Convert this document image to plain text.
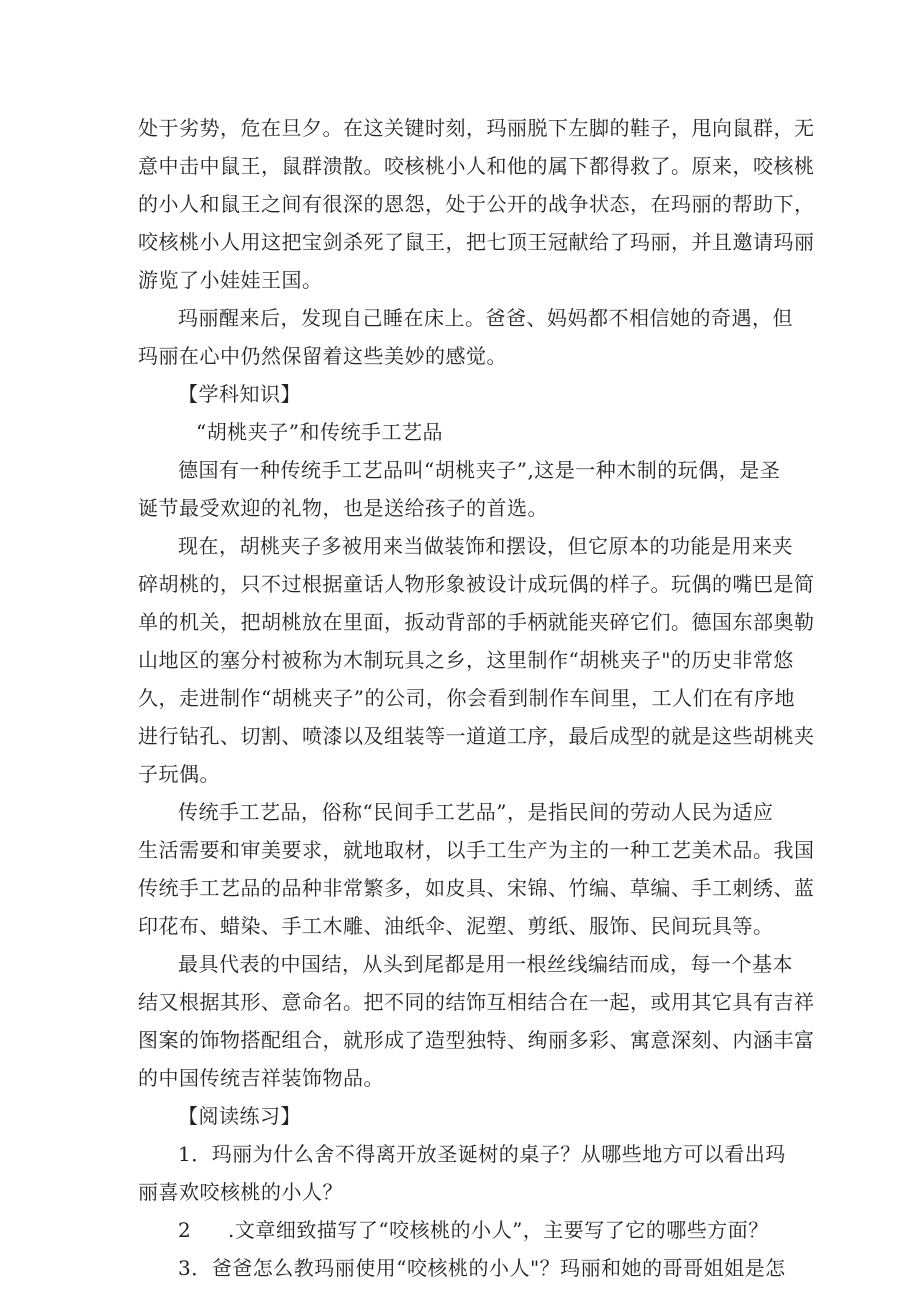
处于劣势，危在旦夕。在这关键时刻，玛丽脱下左脚的鞋子，甩向鼠群，无
意中击中鼠王，鼠群溃散。咬核桃小人和他的属下都得救了。原来，咬核桃
的小人和鼠王之间有很深的恩怨，处于公开的战争状态，在玛丽的帮助下，
咬核桃小人用这把宝剑杀死了鼠王，把七顶王冠献给了玛丽，并且邀请玛丽
游览了小娃娃王国。
玛丽醒来后，发现自己睡在床上。爸爸、妈妈都不相信她的奇遇，但
玛丽在心中仍然保留着这些美妙的感觉。
【学科知识】
“胡桃夹子”和传统手工艺品
德国有一种传统手工艺品叫“胡桃夹子”,这是一种木制的玩偶，是圣
诞节最受欢迎的礼物，也是送给孩子的首选。
现在，胡桃夹子多被用来当做装饰和摆设，但它原本的功能是用来夹
碎胡桃的，只不过根据童话人物形象被设计成玩偶的样子。玩偶的嘴巴是简
单的机关，把胡桃放在里面，扳动背部的手柄就能夹碎它们。德国东部奥勒
山地区的塞分村被称为木制玩具之乡，这里制作“胡桃夹子"的历史非常悠
久，走进制作“胡桃夹子”的公司，你会看到制作车间里，工人们在有序地
进行钻孔、切割、喷漆以及组装等一道道工序，最后成型的就是这些胡桃夹
子玩偶。
传统手工艺品，俗称“民间手工艺品”，是指民间的劳动人民为适应
生活需要和审美要求，就地取材，以手工生产为主的一种工艺美术品。我国
传统手工艺品的品种非常繁多，如皮具、宋锦、竹编、草编、手工刺绣、蓝
印花布、蜡染、手工木雕、油纸伞、泥塑、剪纸、服饰、民间玩具等。
最具代表的中国结，从头到尾都是用一根丝线编结而成，每一个基本
结又根据其形、意命名。把不同的结饰互相结合在一起，或用其它具有吉祥
图案的饰物搭配组合，就形成了造型独特、绚丽多彩、寓意深刻、内涵丰富
的中国传统吉祥装饰物品。
【阅读练习】
1．玛丽为什么舍不得离开放圣诞树的桌子？从哪些地方可以看出玛
丽喜欢咬核桃的小人？
2 .文章细致描写了“咬核桃的小人”，主要写了它的哪些方面？
3．爸爸怎么教玛丽使用“咬核桃的小人"？玛丽和她的哥哥姐姐是怎
